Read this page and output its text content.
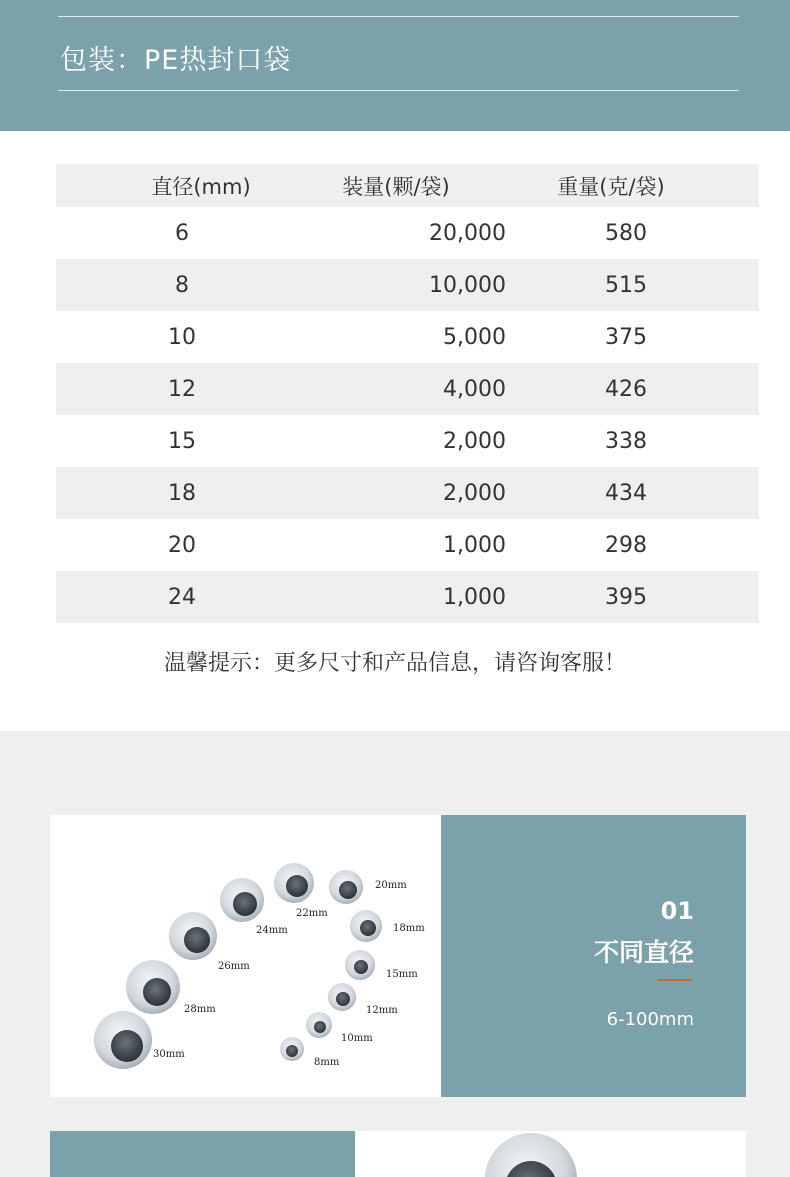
包装：PE热封口袋
直径(mm)	装量(颗/袋)	重量(克/袋)
6	20,000	580
8	10,000	515
10	5,000	375
12	4,000	426
15	2,000	338
18	2,000	434
20	1,000	298
24	1,000	395
温馨提示：更多尺寸和产品信息，请咨询客服！
30mm
28mm
26mm
24mm
22mm
20mm
18mm
15mm
12mm
10mm
8mm
01
不同直径
6-100mm
